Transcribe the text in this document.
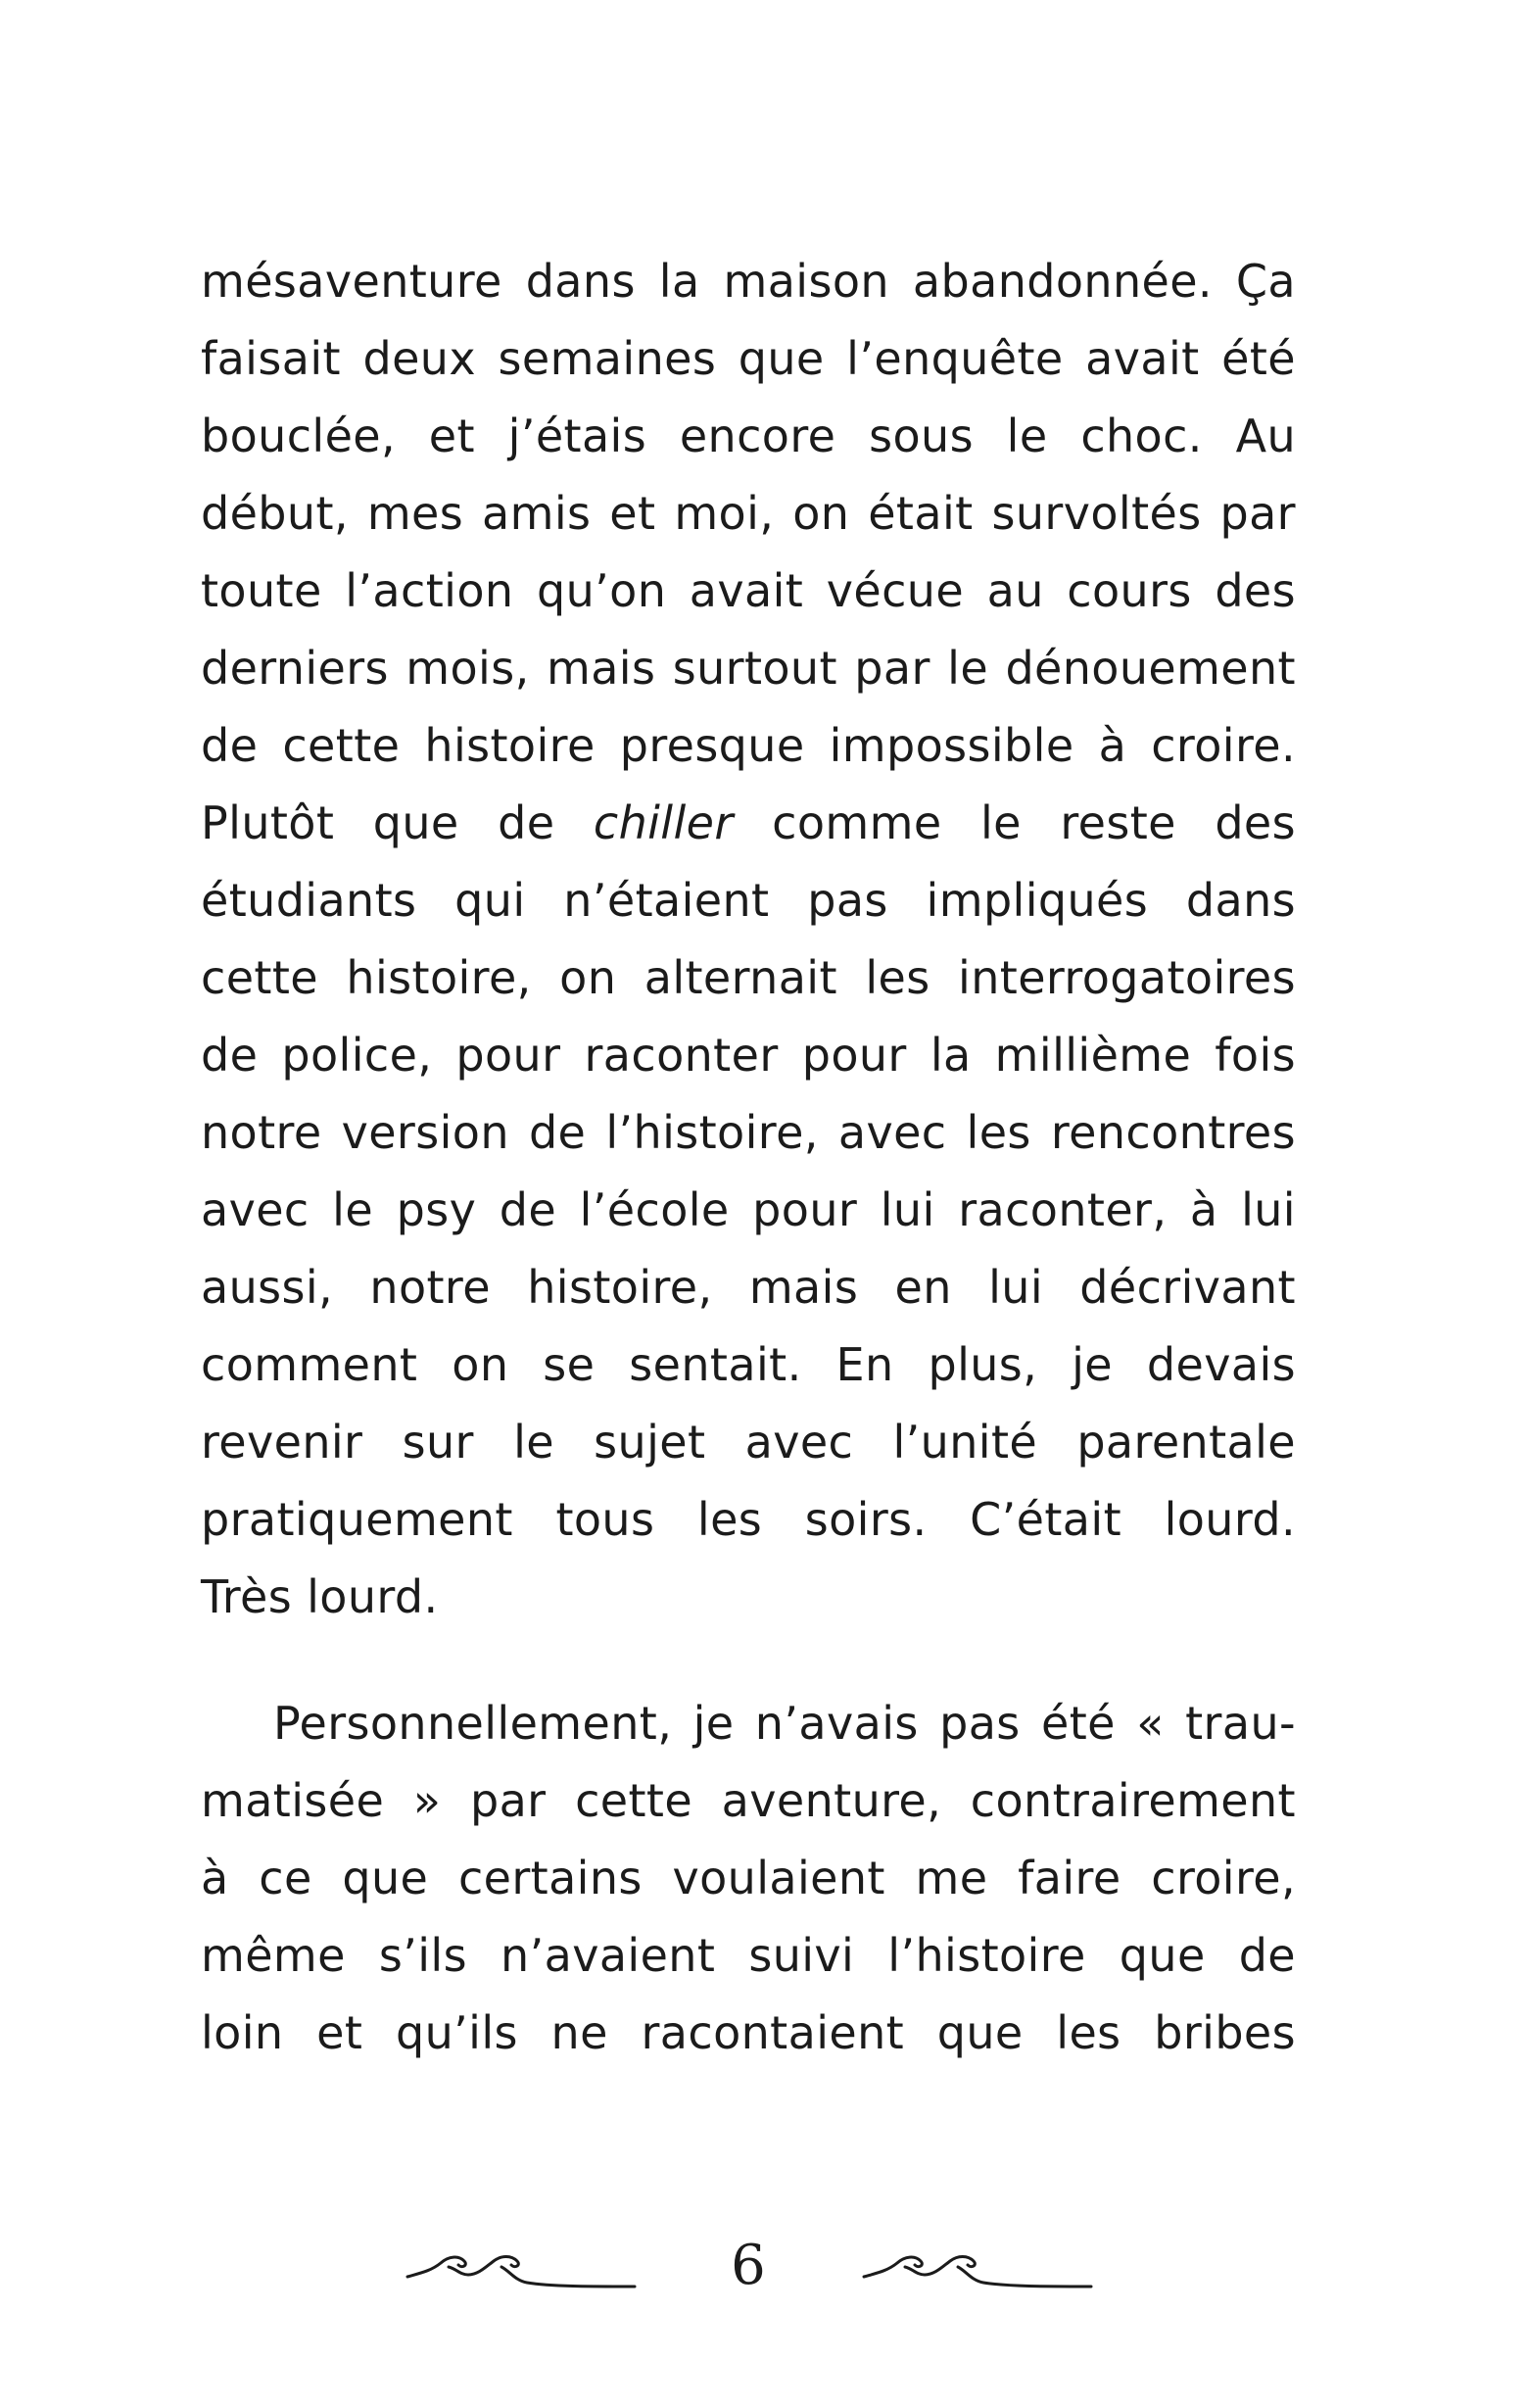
mésaventure dans la maison abandonnée. Ça
faisait deux semaines que l’enquête avait été
bouclée, et j’étais encore sous le choc. Au
début, mes amis et moi, on était survoltés par
toute l’action qu’on avait vécue au cours des
derniers mois, mais surtout par le dénouement
de cette histoire presque impossible à croire.
Plutôt que de chiller comme le reste des
étudiants qui n’étaient pas impliqués dans
cette histoire, on alternait les interrogatoires
de police, pour raconter pour la millième fois
notre version de l’histoire, avec les rencontres
avec le psy de l’école pour lui raconter, à lui
aussi, notre histoire, mais en lui décrivant
comment on se sentait. En plus, je devais
revenir sur le sujet avec l’unité parentale
pratiquement tous les soirs. C’était lourd.
Très lourd.
Personnellement, je n’avais pas été « trau-
matisée » par cette aventure, contrairement
à ce que certains voulaient me faire croire,
même s’ils n’avaient suivi l’histoire que de
loin et qu’ils ne racontaient que les bribes
6
